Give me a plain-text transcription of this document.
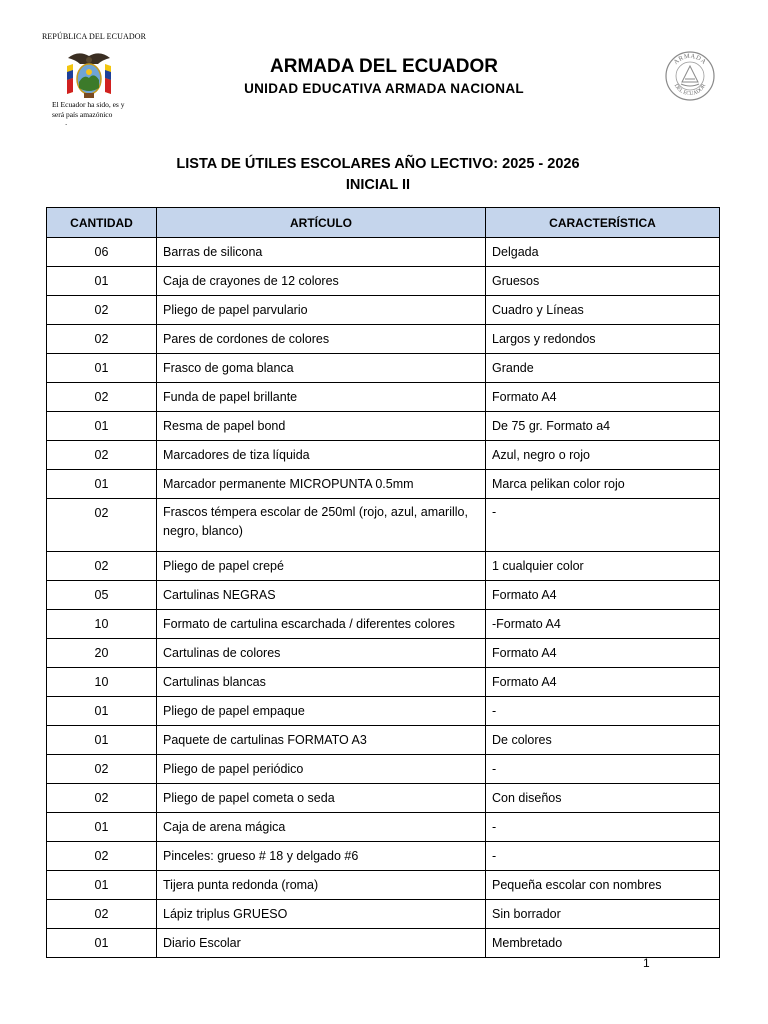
REPÚBLICA DEL ECUADOR
El Ecuador ha sido, es y será país amazónico
.
ARMADA DEL ECUADOR
UNIDAD EDUCATIVA ARMADA NACIONAL
ARMADA
DEL ECUADOR
LISTA DE ÚTILES ESCOLARES AÑO LECTIVO: 2025 - 2026
INICIAL II
CANTIDAD	ARTÍCULO	CARACTERÍSTICA
06	Barras de silicona	Delgada
01	Caja de crayones de 12 colores	Gruesos
02	Pliego de papel parvulario	Cuadro y Líneas
02	Pares de cordones de colores	Largos y redondos
01	Frasco de goma blanca	Grande
02	Funda de papel brillante	Formato A4
01	Resma de papel bond	De 75 gr. Formato a4
02	Marcadores de tiza líquida	Azul, negro o rojo
01	Marcador permanente MICROPUNTA 0.5mm	Marca pelikan color rojo
02	Frascos témpera escolar de 250ml (rojo, azul, amarillo, negro, blanco)	-
02	Pliego de papel crepé	1 cualquier color
05	Cartulinas NEGRAS	Formato A4
10	Formato de cartulina escarchada / diferentes colores	-Formato A4
20	Cartulinas de colores	Formato A4
10	Cartulinas blancas	Formato A4
01	Pliego de papel empaque	-
01	Paquete de cartulinas FORMATO A3	De colores
02	Pliego de papel periódico	-
02	Pliego de papel cometa o seda	Con diseños
01	Caja de arena mágica	-
02	Pinceles: grueso # 18 y delgado #6	-
01	Tijera punta redonda (roma)	Pequeña escolar con nombres
02	Lápiz triplus GRUESO	Sin borrador
01	Diario Escolar	Membretado
1
